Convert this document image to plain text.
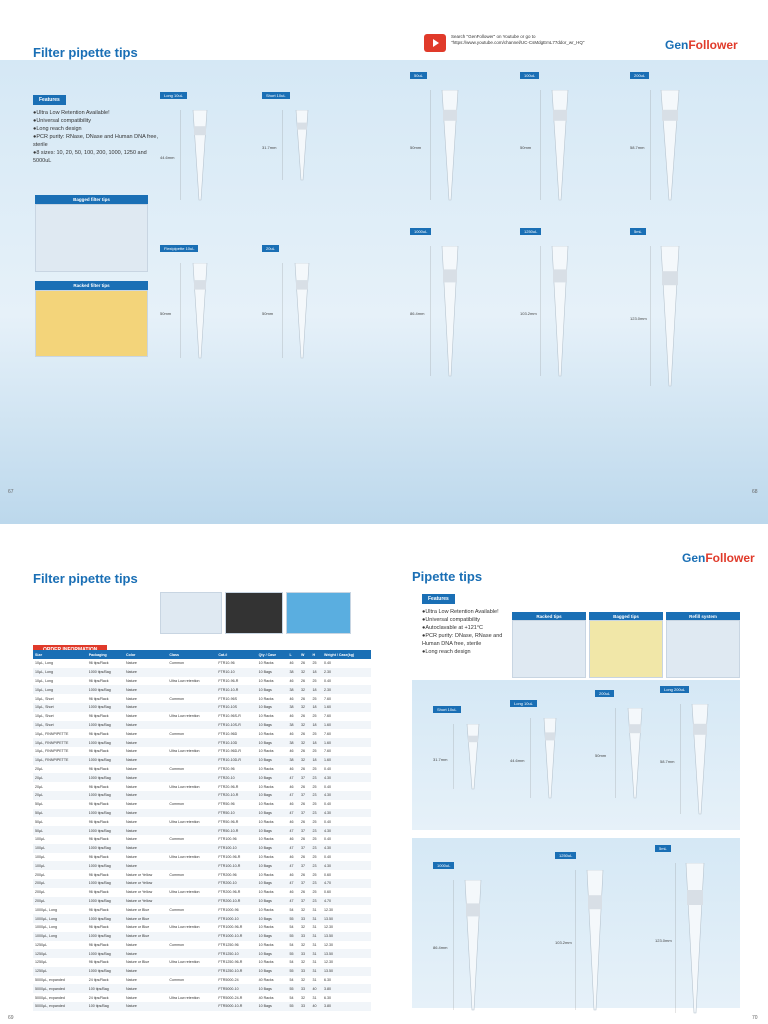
Filter pipette tips
Search "GenFollower" on Youtube or go to
"https://www.youtube.com/channel/UC-CsMdgEmL77ddor_wr_HQ"	GenFollower
Features
●Ultra Low Retention Available!
●Universal compatibility
●Long reach design
●PCR purity: RNase, DNase and Human DNA free, sterile
●8 sizes: 10, 20, 50, 100, 200, 1000, 1250 and 5000uL
Bagged filter tips
Racked filter tips
Long 10uL
44.6mm
Short 10uL
31.7mm
50uL
50mm
100uL
50mm
200uL
58.7mm
Flexipipette 10uL
50mm
20uL
50mm
1000uL
86.4mm
1250uL
103.2mm
5mL
123.0mm
67	68
Filter pipette tips	Pipette tips
GenFollower
Features
●Ultra Low Retention Available!
●Universal compatibility
●Autoclavable at +121°C
●PCR purity: DNase, RNase and Human DNA free, sterile
●Long reach design
Racked tips	Bagged tips	Refill system
Size	Packaging	Color	Class	Cat.#	Qty / Case	L	W	H	Weight / Case(kg)
10μL, Long	96 tips/Rack	Nature	Common	FTR10-96	10 Racks	46	26	25	0.40
10μL, Long	1000 tips/Bag	Nature		FTR10-10	10 Bags	38	32	18	2.30
10μL, Long	96 tips/Rack	Nature	Ultra Low retention	FTR10-96-R	10 Racks	46	26	25	0.40
10μL, Long	1000 tips/Bag	Nature		FTR10-10-R	10 Bags	38	32	18	2.30
10μL, Short	96 tips/Rack	Nature	Common	FTR10-96S	10 Racks	46	26	25	7.60
10μL, Short	1000 tips/Bag	Nature		FTR10-10S	10 Bags	38	32	18	1.60
10μL, Short	96 tips/Rack	Nature	Ultra Low retention	FTR10-96S-R	10 Racks	46	26	25	7.60
10μL, Short	1000 tips/Bag	Nature		FTR10-10S-R	10 Bags	38	32	18	1.60
10μL, FINNPIPETTE	96 tips/Rack	Nature	Common	FTR10-96D	10 Racks	46	26	25	7.60
10μL, FINNPIPETTE	1000 tips/Bag	Nature		FTR10-10D	10 Bags	38	32	18	1.60
10μL, FINNPIPETTE	96 tips/Rack	Nature	Ultra Low retention	FTR10-96D-R	10 Racks	46	26	25	7.60
10μL, FINNPIPETTE	1000 tips/Bag	Nature		FTR10-10D-R	10 Bags	38	32	18	1.60
20μL	96 tips/Rack	Nature	Common	FTR20-96	10 Racks	46	26	25	0.40
20μL	1000 tips/Bag	Nature		FTR20-10	10 Bags	47	37	23	4.30
20μL	96 tips/Rack	Nature	Ultra Low retention	FTR20-96-R	10 Racks	46	26	25	0.40
20μL	1000 tips/Bag	Nature		FTR20-10-R	10 Bags	47	37	23	4.30
50μL	96 tips/Rack	Nature	Common	FTR50-96	10 Racks	46	26	25	0.40
50μL	1000 tips/Bag	Nature		FTR50-10	10 Bags	47	37	23	4.30
50μL	96 tips/Rack	Nature	Ultra Low retention	FTR50-96-R	10 Racks	46	26	25	0.40
50μL	1000 tips/Bag	Nature		FTR50-10-R	10 Bags	47	37	23	4.30
100μL	96 tips/Rack	Nature	Common	FTR100-96	10 Racks	46	26	25	0.40
100μL	1000 tips/Bag	Nature		FTR100-10	10 Bags	47	37	23	4.30
100μL	96 tips/Rack	Nature	Ultra Low retention	FTR100-96-R	10 Racks	46	26	25	0.40
100μL	1000 tips/Bag	Nature		FTR100-10-R	10 Bags	47	37	23	4.30
200μL	96 tips/Rack	Nature or Yellow	Common	FTR200-96	10 Racks	46	26	25	0.60
200μL	1000 tips/Bag	Nature or Yellow		FTR200-10	10 Bags	47	37	23	4.70
200μL	96 tips/Rack	Nature or Yellow	Ultra Low retention	FTR200-96-R	10 Racks	46	26	25	0.60
200μL	1000 tips/Bag	Nature or Yellow		FTR200-10-R	10 Bags	47	37	23	4.70
1000μL, Long	96 tips/Rack	Nature or Blue	Common	FTR1000-96	10 Racks	54	32	31	12.30
1000μL, Long	1000 tips/Bag	Nature or Blue		FTR1000-10	10 Bags	55	33	31	13.50
1000μL, Long	96 tips/Rack	Nature or Blue	Ultra Low retention	FTR1000-96-R	10 Racks	54	32	31	12.30
1000μL, Long	1000 tips/Bag	Nature or Blue		FTR1000-10-R	10 Bags	55	33	31	13.50
1250μL	96 tips/Rack	Nature	Common	FTR1250-96	10 Racks	54	32	31	12.30
1250μL	1000 tips/Bag	Nature		FTR1250-10	10 Bags	55	33	31	13.50
1250μL	96 tips/Rack	Nature or Blue	Ultra Low retention	FTR1250-96-R	10 Racks	54	32	31	12.30
1250μL	1000 tips/Bag	Nature		FTR1250-10-R	10 Bags	55	33	31	13.50
5000μL, expanded	24 tips/Rack	Nature	Common	FTR5000-24	40 Racks	54	32	31	6.30
5000μL, expanded	100 tips/Bag	Nature		FTR5000-10	10 Bags	55	33	40	3.80
5000μL, expanded	24 tips/Rack	Nature	Ultra Low retention	FTR5000-24-R	40 Racks	54	32	31	6.30
5000μL, expanded	100 tips/Bag	Nature		FTR5000-10-R	10 Bags	55	33	40	3.80
Short 10uL
31.7mm
Long 10uL
44.6mm
200uL
50mm
Long 200uL
58.7mm
1000uL
86.4mm
1250uL
103.2mm
5mL
123.0mm
69	70
